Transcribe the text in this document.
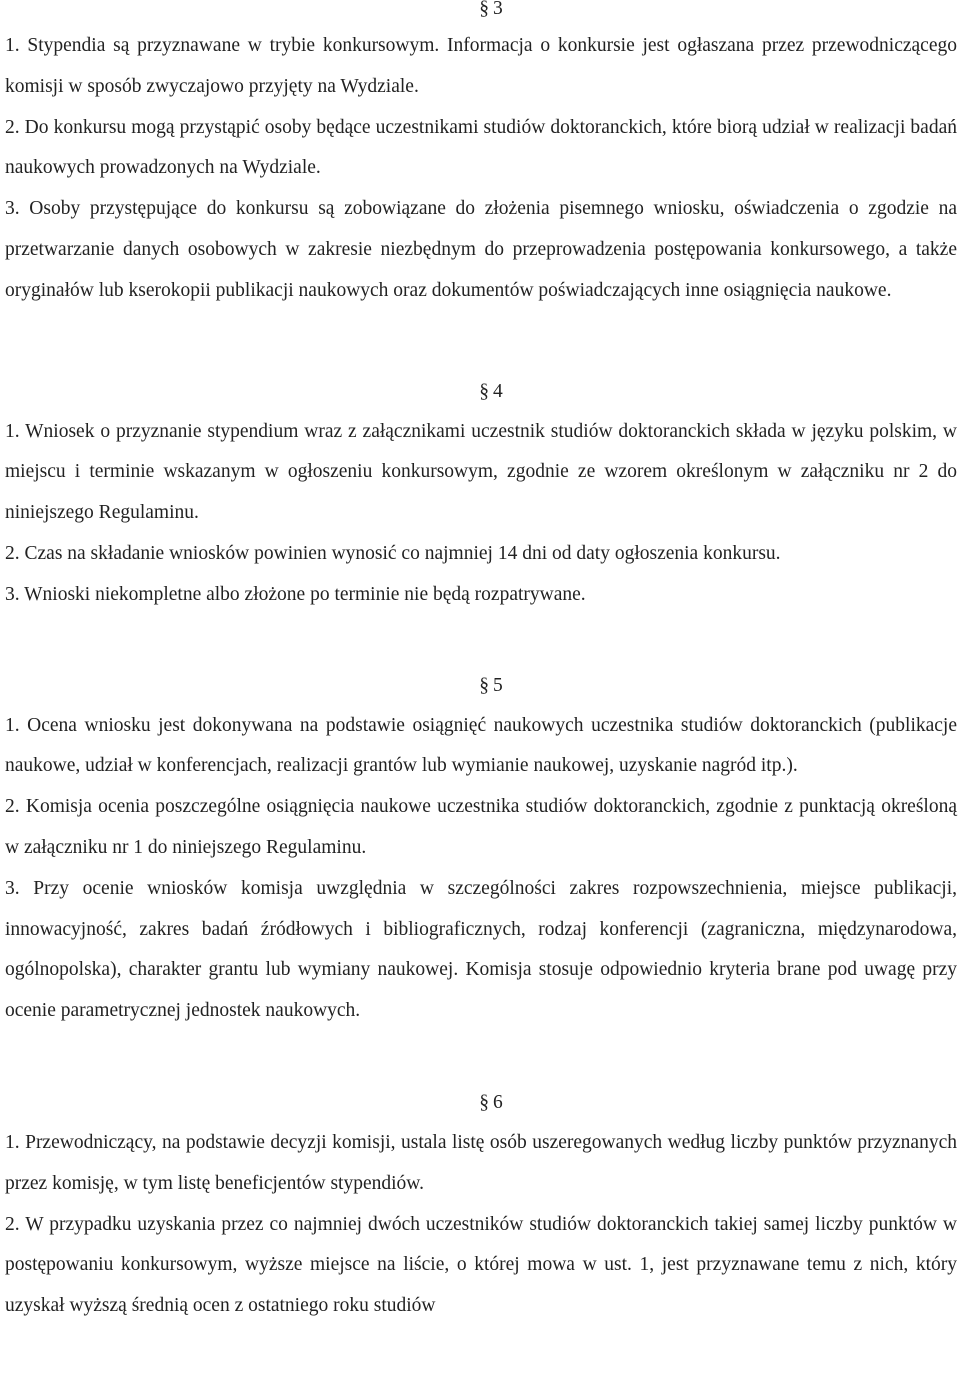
§ 3

1. Stypendia są przyznawane w trybie konkursowym. Informacja o konkursie jest ogłaszana przez przewodniczącego komisji w sposób zwyczajowo przyjęty na Wydziale.

2. Do konkursu mogą przystąpić osoby będące uczestnikami studiów doktoranckich, które biorą udział w realizacji badań naukowych prowadzonych na Wydziale.

3. Osoby przystępujące do konkursu są zobowiązane do złożenia pisemnego wniosku, oświadczenia o zgodzie na przetwarzanie danych osobowych w zakresie niezbędnym do przeprowadzenia postępowania konkursowego, a także oryginałów lub kserokopii publikacji naukowych oraz dokumentów poświadczających inne osiągnięcia naukowe.

§ 4

1. Wniosek o przyznanie stypendium wraz z załącznikami uczestnik studiów doktoranckich składa w języku polskim, w miejscu i terminie wskazanym w ogłoszeniu konkursowym, zgodnie ze wzorem określonym w załączniku nr 2 do niniejszego Regulaminu.

2. Czas na składanie wniosków powinien wynosić co najmniej 14 dni od daty ogłoszenia konkursu.

3. Wnioski niekompletne albo złożone po terminie nie będą rozpatrywane.

§ 5

1. Ocena wniosku jest dokonywana na podstawie osiągnięć naukowych uczestnika studiów doktoranckich (publikacje naukowe, udział w konferencjach, realizacji grantów lub wymianie naukowej, uzyskanie nagród itp.).

2. Komisja ocenia poszczególne osiągnięcia naukowe uczestnika studiów doktoranckich, zgodnie z punktacją określoną w załączniku nr 1 do niniejszego Regulaminu.

3. Przy ocenie wniosków komisja uwzględnia w szczególności zakres rozpowszechnienia, miejsce publikacji, innowacyjność, zakres badań źródłowych i bibliograficznych, rodzaj konferencji (zagraniczna, międzynarodowa, ogólnopolska), charakter grantu lub wymiany naukowej. Komisja stosuje odpowiednio kryteria brane pod uwagę przy ocenie parametrycznej jednostek naukowych.

§ 6

1. Przewodniczący, na podstawie decyzji komisji, ustala listę osób uszeregowanych według liczby punktów przyznanych przez komisję, w tym listę beneficjentów stypendiów.

2. W przypadku uzyskania przez co najmniej dwóch uczestników studiów doktoranckich takiej samej liczby punktów w postępowaniu konkursowym, wyższe miejsce na liście, o której mowa w ust. 1, jest przyznawane temu z nich, który uzyskał wyższą średnią ocen z ostatniego roku studiów
